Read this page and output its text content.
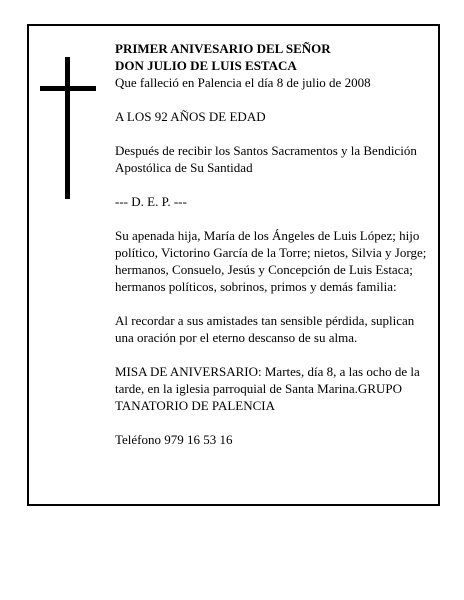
PRIMER ANIVESARIO DEL SEÑOR

DON JULIO DE LUIS ESTACA

Que falleció en Palencia el día 8 de julio de 2008

A LOS 92 AÑOS DE EDAD

Después de recibir los Santos Sacramentos y la Bendición Apostólica de Su Santidad

--- D. E. P. ---

Su apenada hija, María de los Ángeles de Luis López; hijo político, Victorino García de la Torre; nietos, Silvia y Jorge; hermanos, Consuelo, Jesús y Concepción de Luis Estaca; hermanos políticos, sobrinos, primos y demás familia:

Al recordar a sus amistades tan sensible pérdida, suplican una oración por el eterno descanso de su alma.

MISA DE ANIVERSARIO: Martes, día 8, a las ocho de la tarde, en la iglesia parroquial de Santa Marina.GRUPO TANATORIO DE PALENCIA

Teléfono 979 16 53 16
